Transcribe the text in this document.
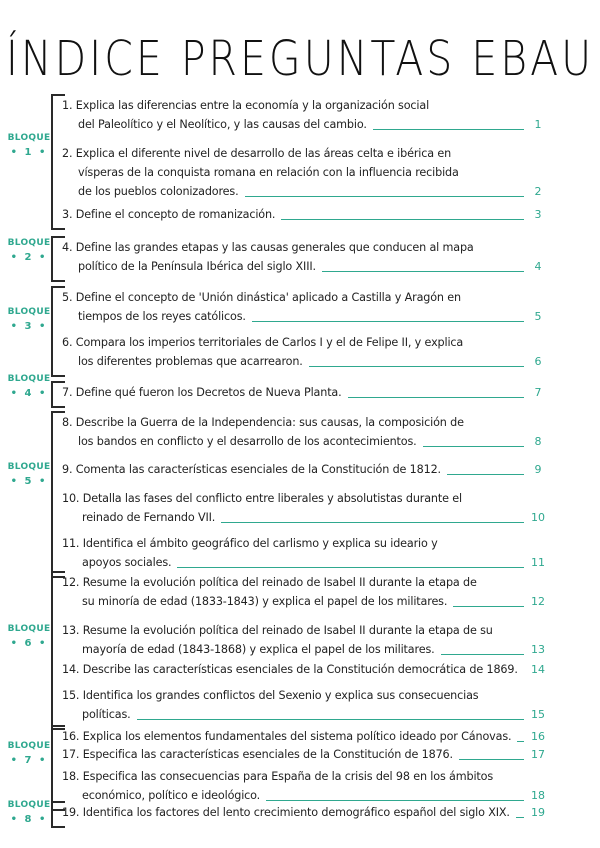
ÍNDICE PREGUNTAS EBAU
BLOQUE
• 1 •
BLOQUE
• 2 •
BLOQUE
• 3 •
BLOQUE
• 4 •
BLOQUE
• 5 •
BLOQUE
• 6 •
BLOQUE
• 7 •
BLOQUE
• 8 •
1. Explica las diferencias entre la economía y la organización social
del Paleolítico y el Neolítico, y las causas del cambio.	1
2. Explica el diferente nivel de desarrollo de las áreas celta e ibérica en
vísperas de la conquista romana en relación con la influencia recibida
de los pueblos colonizadores.	2
3. Define el concepto de romanización.	3
4. Define las grandes etapas y las causas generales que conducen al mapa
político de la Península Ibérica del siglo XIII.	4
5. Define el concepto de 'Unión dinástica' aplicado a Castilla y Aragón en
tiempos de los reyes católicos.	5
6. Compara los imperios territoriales de Carlos I y el de Felipe II, y explica
los diferentes problemas que acarrearon.	6
7. Define qué fueron los Decretos de Nueva Planta.	7
8. Describe la Guerra de la Independencia: sus causas, la composición de
los bandos en conflicto y el desarrollo de los acontecimientos.	8
9. Comenta las características esenciales de la Constitución de 1812.	9
10. Detalla las fases del conflicto entre liberales y absolutistas durante el
reinado de Fernando VII.	10
11. Identifica el ámbito geográfico del carlismo y explica su ideario y
apoyos sociales.	11
12. Resume la evolución política del reinado de Isabel II durante la etapa de
su minoría de edad (1833-1843) y explica el papel de los militares.	12
13. Resume la evolución política del reinado de Isabel II durante la etapa de su
mayoría de edad (1843-1868) y explica el papel de los militares.	13
14. Describe las características esenciales de la Constitución democrática de 1869.	14
15. Identifica los grandes conflictos del Sexenio y explica sus consecuencias
políticas.	15
16. Explica los elementos fundamentales del sistema político ideado por Cánovas.	16
17. Especifica las características esenciales de la Constitución de 1876.	17
18. Especifica las consecuencias para España de la crisis del 98 en los ámbitos
económico, político e ideológico.	18
19. Identifica los factores del lento crecimiento demográfico español del siglo XIX.	19
